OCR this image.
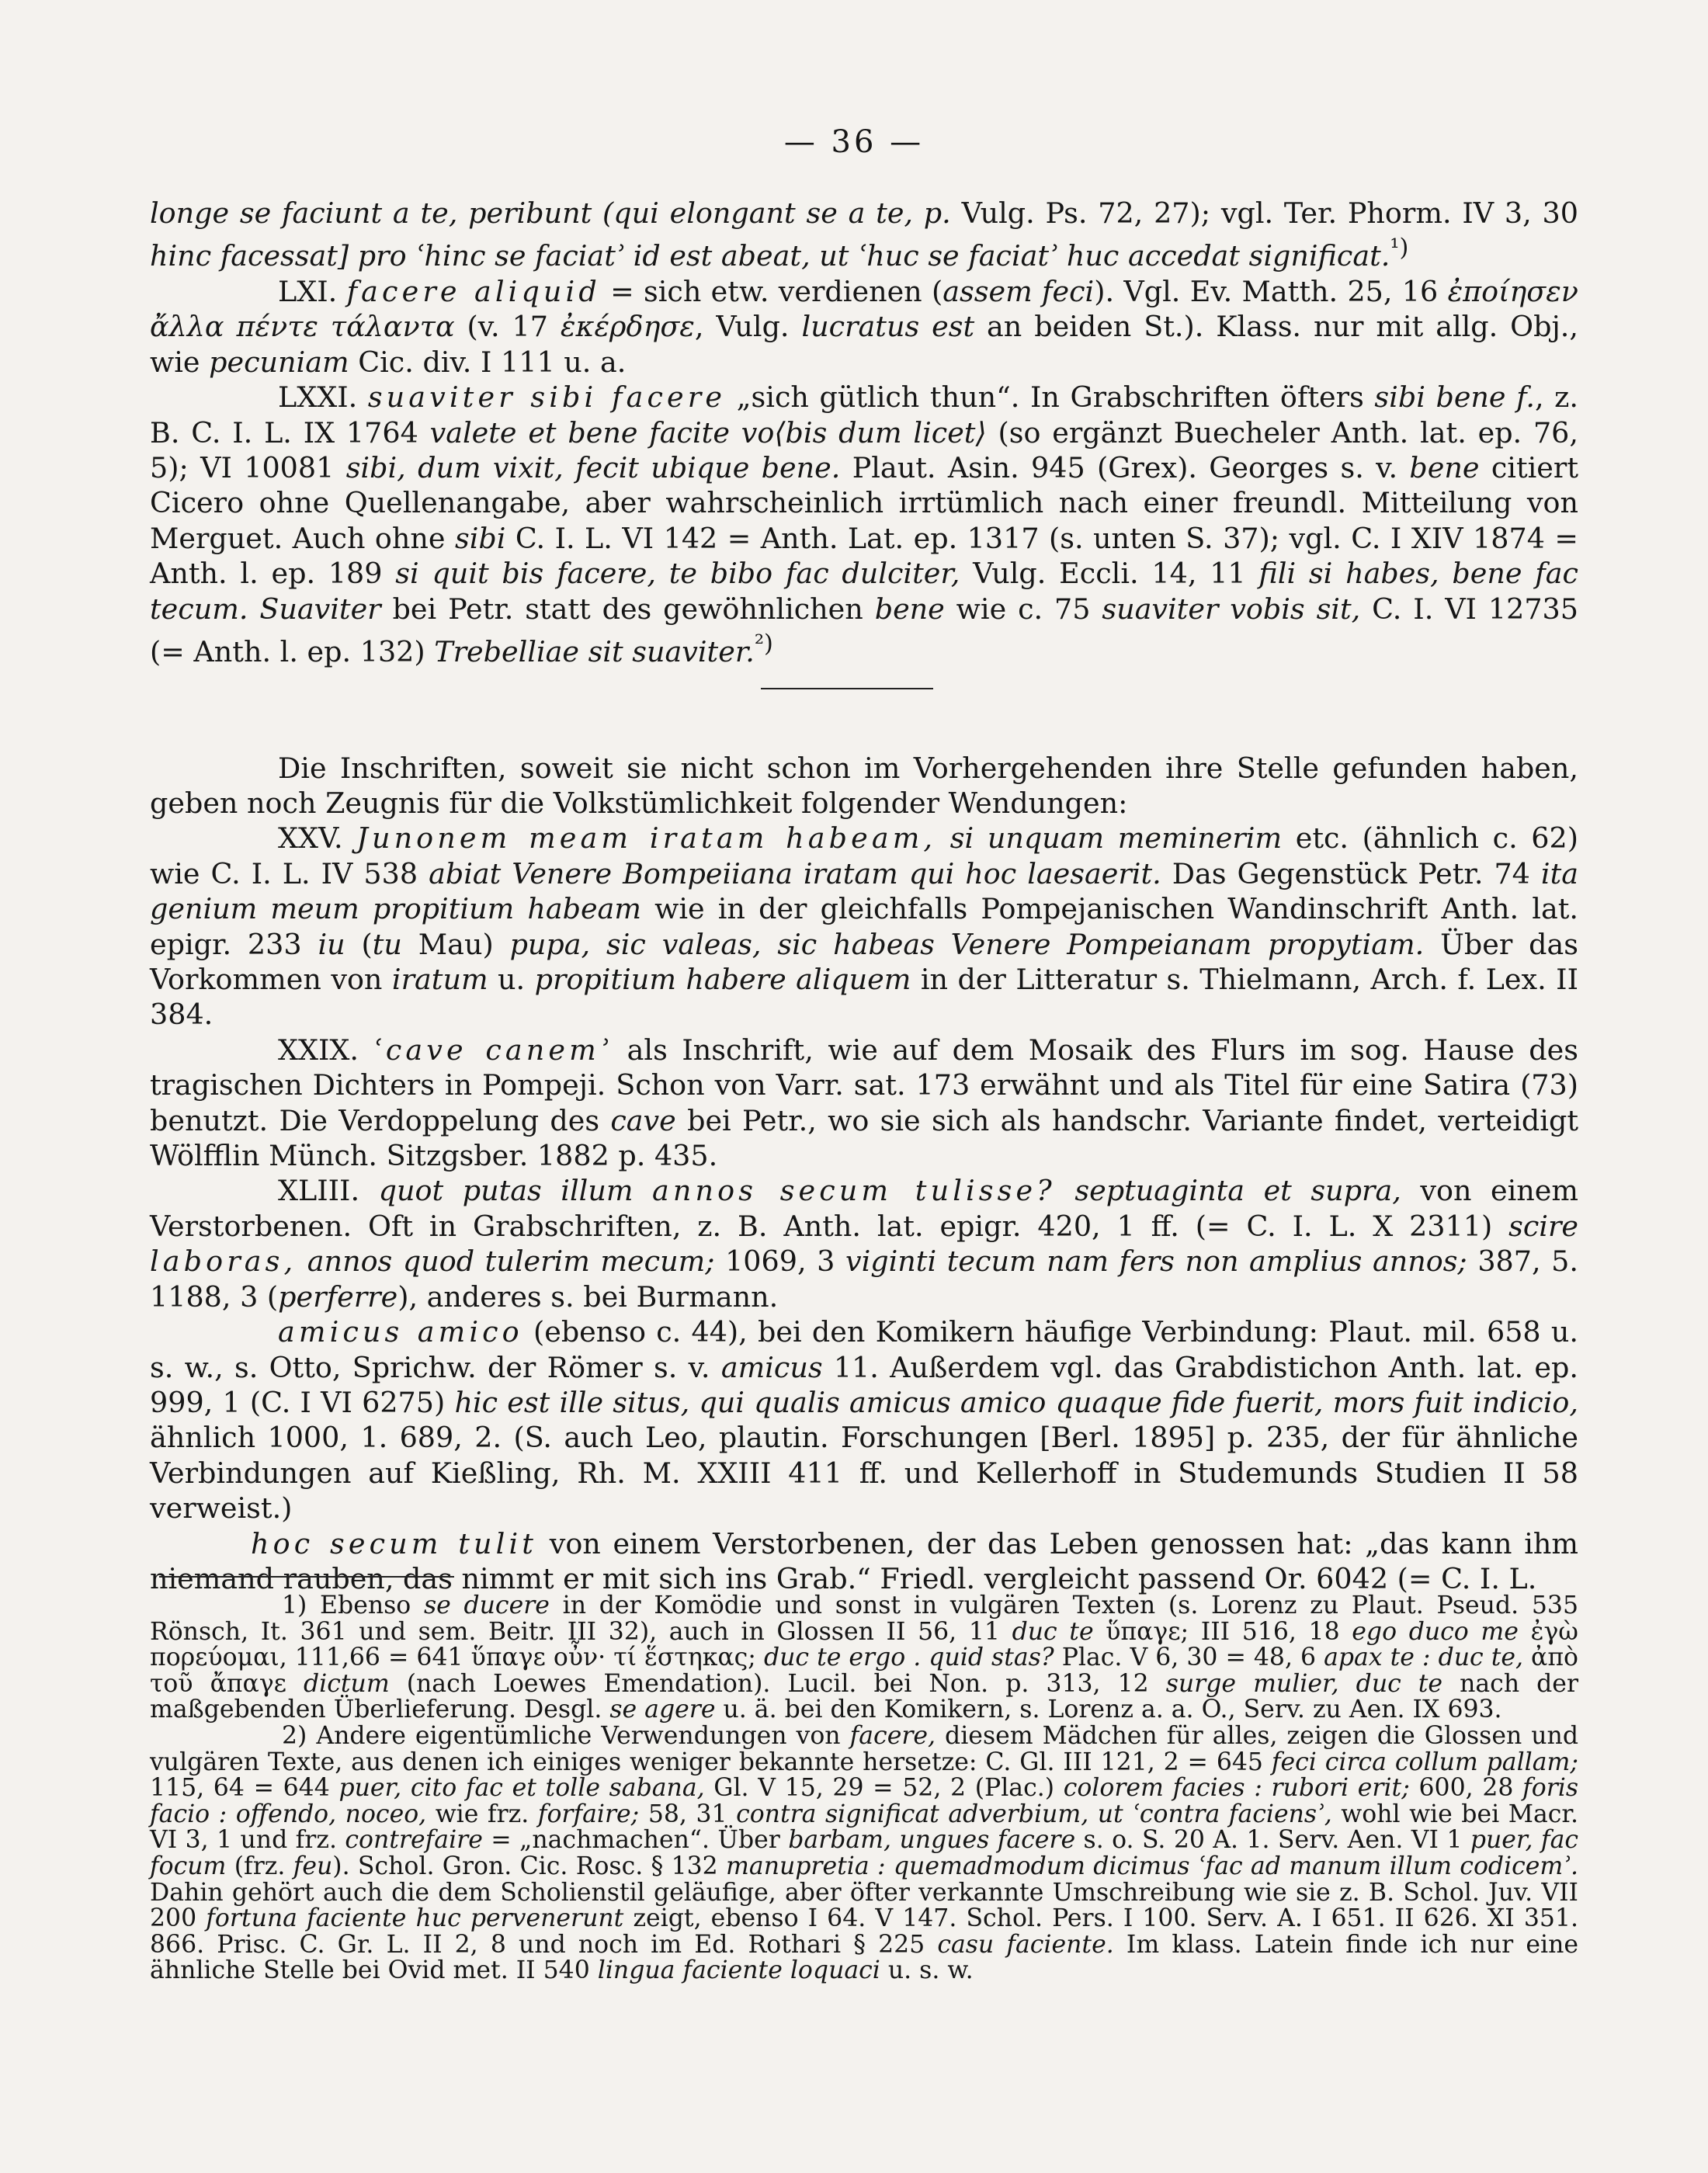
— 36 —

longe se faciunt a te, peribunt (qui elongant se a te, p. Vulg. Ps. 72, 27); vgl. Ter. Phorm. IV 3, 30 hinc facessat] pro ʿhinc se faciatʾ id est abeat, ut ʿhuc se faciatʾ huc accedat significat.$^{^1)}$

LXI. facere aliquid = sich etw. verdienen (assem feci). Vgl. Ev. Matth. 25, 16 ἐποίησεν ἄλλα πέντε τάλαντα (v. 17 ἐκέρδησε, Vulg. lucratus est an beiden St.). Klass. nur mit allg. Obj., wie pecuniam Cic. div. I 111 u. a.

LXXI. suaviter sibi facere „sich gütlich thun“. In Grabschriften öfters sibi bene f., z. B. C. I. L. IX 1764 valete et bene facite vo⟨bis dum licet⟩ (so ergänzt Buecheler Anth. lat. ep. 76, 5); VI 10081 sibi, dum vixit, fecit ubique bene. Plaut. Asin. 945 (Grex). Georges s. v. bene citiert Cicero ohne Quellenangabe, aber wahrscheinlich irrtümlich nach einer freundl. Mitteilung von Merguet. Auch ohne sibi C. I. L. VI 142 = Anth. Lat. ep. 1317 (s. unten S. 37); vgl. C. I XIV 1874 = Anth. l. ep. 189 si quit bis facere, te bibo fac dulciter, Vulg. Eccli. 14, 11 fili si habes, bene fac tecum. Suaviter bei Petr. statt des gewöhnlichen bene wie c. 75 suaviter vobis sit, C. I. VI 12735 (= Anth. l. ep. 132) Trebelliae sit suaviter.$^{^2)}$

Die Inschriften, soweit sie nicht schon im Vorhergehenden ihre Stelle gefunden haben, geben noch Zeugnis für die Volkstümlichkeit folgender Wendungen:

XXV. Junonem meam iratam habeam, si unquam meminerim etc. (ähnlich c. 62) wie C. I. L. IV 538 abiat Venere Bompeiiana iratam qui hoc laesaerit. Das Gegenstück Petr. 74 ita genium meum propitium habeam wie in der gleichfalls Pompejanischen Wandinschrift Anth. lat. epigr. 233 iu (tu Mau) pupa, sic valeas, sic habeas Venere Pompeianam propytiam. Über das Vorkommen von iratum u. propitium habere aliquem in der Litteratur s. Thielmann, Arch. f. Lex. II 384.

XXIX. ʿcave canemʾ als Inschrift, wie auf dem Mosaik des Flurs im sog. Hause des tragischen Dichters in Pompeji. Schon von Varr. sat. 173 erwähnt und als Titel für eine Satira (73) benutzt. Die Verdoppelung des cave bei Petr., wo sie sich als handschr. Variante findet, verteidigt Wölfflin Münch. Sitzgsber. 1882 p. 435.

XLIII. quot putas illum annos secum tulisse? septuaginta et supra, von einem Verstorbenen. Oft in Grabschriften, z. B. Anth. lat. epigr. 420, 1 ff. (= C. I. L. X 2311) scire laboras, annos quod tulerim mecum; 1069, 3 viginti tecum nam fers non amplius annos; 387, 5. 1188, 3 (perferre), anderes s. bei Burmann.

amicus amico (ebenso c. 44), bei den Komikern häufige Verbindung: Plaut. mil. 658 u. s. w., s. Otto, Sprichw. der Römer s. v. amicus 11. Außerdem vgl. das Grabdistichon Anth. lat. ep. 999, 1 (C. I VI 6275) hic est ille situs, qui qualis amicus amico quaque fide fuerit, mors fuit indicio, ähnlich 1000, 1. 689, 2. (S. auch Leo, plautin. Forschungen [Berl. 1895] p. 235, der für ähnliche Verbindungen auf Kießling, Rh. M. XXIII 411 ff. und Kellerhoff in Studemunds Studien II 58 verweist.)

hoc secum tulit von einem Verstorbenen, der das Leben genossen hat: „das kann ihm niemand rauben, das nimmt er mit sich ins Grab.“ Friedl. vergleicht passend Or. 6042 (= C. I. L.

1) Ebenso se ducere in der Komödie und sonst in vulgären Texten (s. Lorenz zu Plaut. Pseud. 535 Rönsch, It. 361 und sem. Beitr. III 32), auch in Glossen II 56, 11 duc te ὕπαγε; III 516, 18 ego duco me ἐγὼ πορεύομαι, 111,66 = 641 ὕπαγε οὖν· τί ἕστηκας; duc te ergo . quid stas? Plac. V 6, 30 = 48, 6 apax te : duc te, ἀπὸ τοῦ ἄπαγε dictum (nach Loewes Emendation). Lucil. bei Non. p. 313, 12 surge mulier, duc te nach der maßgebenden Überlieferung. Desgl. se agere u. ä. bei den Komikern, s. Lorenz a. a. O., Serv. zu Aen. IX 693.

2) Andere eigentümliche Verwendungen von facere, diesem Mädchen für alles, zeigen die Glossen und vulgären Texte, aus denen ich einiges weniger bekannte hersetze: C. Gl. III 121, 2 = 645 feci circa collum pallam; 115, 64 = 644 puer, cito fac et tolle sabana, Gl. V 15, 29 = 52, 2 (Plac.) colorem facies : rubori erit; 600, 28 foris facio : offendo, noceo, wie frz. forfaire; 58, 31 contra significat adverbium, ut ʿcontra faciensʾ, wohl wie bei Macr. VI 3, 1 und frz. contrefaire = „nachmachen“. Über barbam, ungues facere s. o. S. 20 A. 1. Serv. Aen. VI 1 puer, fac focum (frz. feu). Schol. Gron. Cic. Rosc. § 132 manupretia : quemadmodum dicimus ʿfac ad manum illum codicemʾ. Dahin gehört auch die dem Scholienstil geläufige, aber öfter verkannte Umschreibung wie sie z. B. Schol. Juv. VII 200 fortuna faciente huc pervenerunt zeigt, ebenso I 64. V 147. Schol. Pers. I 100. Serv. A. I 651. II 626. XI 351. 866. Prisc. C. Gr. L. II 2, 8 und noch im Ed. Rothari § 225 casu faciente. Im klass. Latein finde ich nur eine ähnliche Stelle bei Ovid met. II 540 lingua faciente loquaci u. s. w.
